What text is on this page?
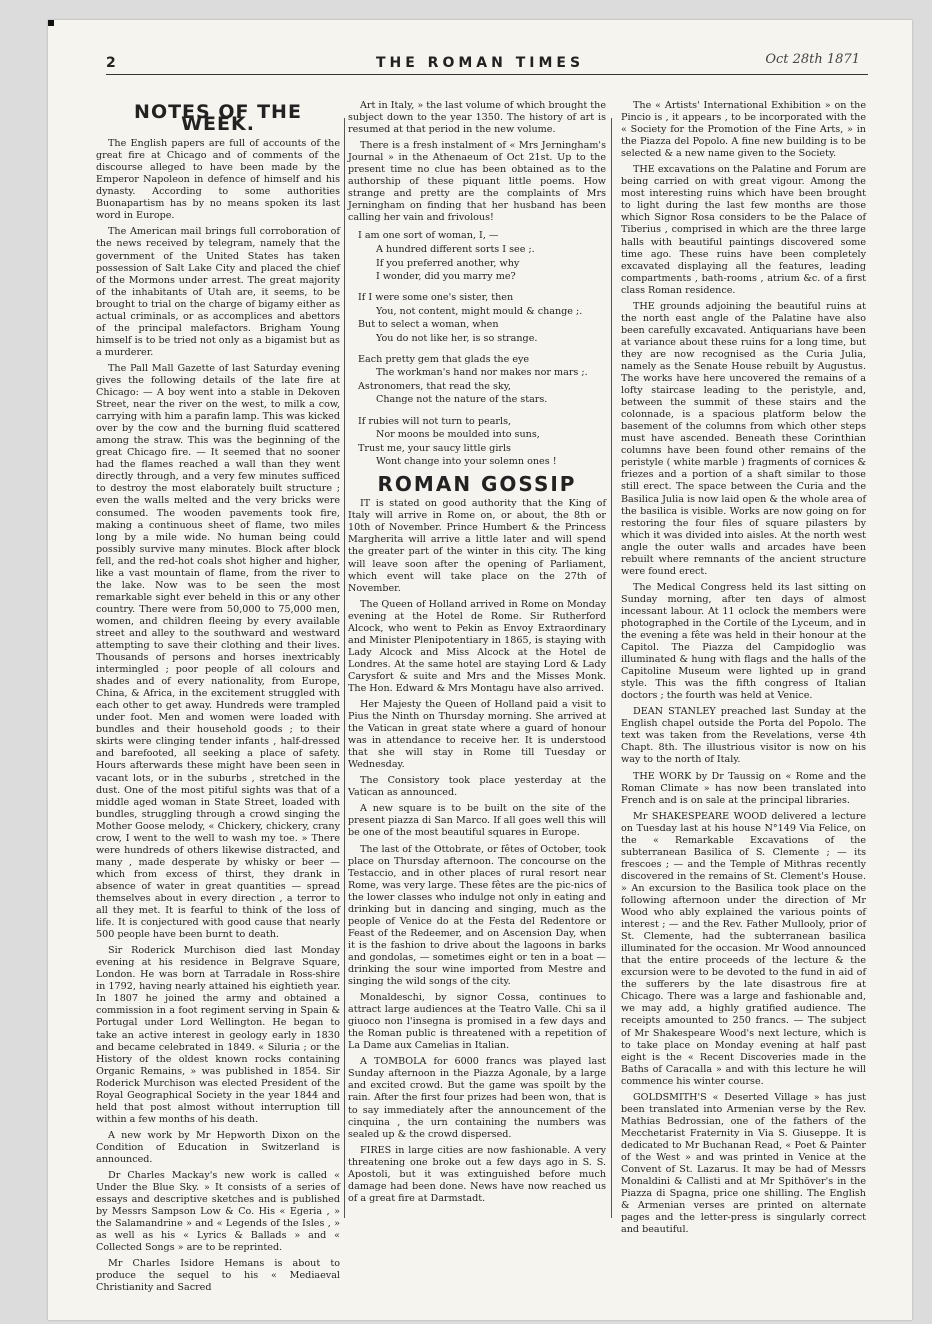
2	THE ROMAN TIMES	Oct 28th 1871
NOTES OF THE WEEK.

The English papers are full of accounts of the great fire at Chicago and of comments of the discourse alleged to have been made by the Emperor Napoleon in defence of himself and his dynasty. According to some authorities Buonapartism has by no means spoken its last word in Europe.

The American mail brings full corroboration of the news received by telegram, namely that the government of the United States has taken possession of Salt Lake City and placed the chief of the Mormons under arrest. The great majority of the inhabitants of Utah are, it seems, to be brought to trial on the charge of bigamy either as actual criminals, or as accomplices and abettors of the principal malefactors. Brigham Young himself is to be tried not only as a bigamist but as a murderer.

The Pall Mall Gazette of last Saturday evening gives the following details of the late fire at Chicago: — A boy went into a stable in Dekoven Street, near the river on the west, to milk a cow, carrying with him a parafin lamp. This was kicked over by the cow and the burning fluid scattered among the straw. This was the beginning of the great Chicago fire. — It seemed that no sooner had the flames reached a wall than they went directly through, and a very few minutes sufficed to destroy the most elaborately built structure ; even the walls melted and the very bricks were consumed. The wooden pavements took fire, making a continuous sheet of flame, two miles long by a mile wide. No human being could possibly survive many minutes. Block after block fell, and the red-hot coals shot higher and higher, like a vast mountain of flame, from the river to the lake. Now was to be seen the most remarkable sight ever beheld in this or any other country. There were from 50,000 to 75,000 men, women, and children fleeing by every available street and alley to the southward and westward attempting to save their clothing and their lives. Thousands of persons and horses inextricably intermingled ; poor people of all colours and shades and of every nationality, from Europe, China, & Africa, in the excitement struggled with each other to get away. Hundreds were trampled under foot. Men and women were loaded with bundles and their household goods ; to their skirts were clinging tender infants , half-dressed and barefooted, all seeking a place of safety. Hours afterwards these might have been seen in vacant lots, or in the suburbs , stretched in the dust. One of the most pitiful sights was that of a middle aged woman in State Street, loaded with bundles, struggling through a crowd singing the Mother Goose melody, « Chickery, chickery, crany crow, I went to the well to wash my toe. » There were hundreds of others likewise distracted, and many , made desperate by whisky or beer — which from excess of thirst, they drank in absence of water in great quantities — spread themselves about in every direction , a terror to all they met. It is fearful to think of the loss of life. It is conjectured with good cause that nearly 500 people have been burnt to death.

Sir Roderick Murchison died last Monday evening at his residence in Belgrave Square, London. He was born at Tarradale in Ross-shire in 1792, having nearly attained his eightieth year. In 1807 he joined the army and obtained a commission in a foot regiment serving in Spain & Portugal under Lord Wellington. He began to take an active interest in geology early in 1830 and became celebrated in 1849. « Siluria ; or the History of the oldest known rocks containing Organic Remains, » was published in 1854. Sir Roderick Murchison was elected President of the Royal Geographical Society in the year 1844 and held that post almost without interruption till within a few months of his death.

A new work by Mr Hepworth Dixon on the Condition of Education in Switzerland is announced.

Dr Charles Mackay's new work is called « Under the Blue Sky. » It consists of a series of essays and descriptive sketches and is published by Messrs Sampson Low & Co. His « Egeria , » the Salamandrine » and « Legends of the Isles , » as well as his « Lyrics & Ballads » and « Collected Songs » are to be reprinted.

Mr Charles Isidore Hemans is about to produce the sequel to his « Mediaeval Christianity and Sacred

Art in Italy, » the last volume of which brought the subject down to the year 1350. The history of art is resumed at that period in the new volume.

There is a fresh instalment of « Mrs Jerningham's Journal » in the Athenaeum of Oct 21st. Up to the present time no clue has been obtained as to the authorship of these piquant little poems. How strange and pretty are the complaints of Mrs Jerningham on finding that her husband has been calling her vain and frivolous!

I am one sort of woman, I, —
A hundred different sorts I see ;.
If you preferred another, why
I wonder, did you marry me?
If I were some one's sister, then
You, not content, might mould & change ;.
But to select a woman, when
You do not like her, is so strange.
Each pretty gem that glads the eye
The workman's hand nor makes nor mars ;.
Astronomers, that read the sky,
Change not the nature of the stars.
If rubies will not turn to pearls,
Nor moons be moulded into suns,
Trust me, your saucy little girls
Wont change into your solemn ones !
ROMAN GOSSIP

IT is stated on good authority that the King of Italy will arrive in Rome on, or about, the 8th or 10th of November. Prince Humbert & the Princess Margherita will arrive a little later and will spend the greater part of the winter in this city. The king will leave soon after the opening of Parliament, which event will take place on the 27th of November.

The Queen of Holland arrived in Rome on Monday evening at the Hotel de Rome. Sir Rutherford Alcock, who went to Pekin as Envoy Extraordinary and Minister Plenipotentiary in 1865, is staying with Lady Alcock and Miss Alcock at the Hotel de Londres. At the same hotel are staying Lord & Lady Carysfort & suite and Mrs and the Misses Monk. The Hon. Edward & Mrs Montagu have also arrived.

Her Majesty the Queen of Holland paid a visit to Pius the Ninth on Thursday morning. She arrived at the Vatican in great state where a guard of honour was in attendance to receive her. It is understood that she will stay in Rome till Tuesday or Wednesday.

The Consistory took place yesterday at the Vatican as announced.

A new square is to be built on the site of the present piazza di San Marco. If all goes well this will be one of the most beautiful squares in Europe.

The last of the Ottobrate, or fêtes of October, took place on Thursday afternoon. The concourse on the Testaccio, and in other places of rural resort near Rome, was very large. These fêtes are the pic-nics of the lower classes who indulge not only in eating and drinking but in dancing and singing, much as the people of Venice do at the Festa del Redentore or Feast of the Redeemer, and on Ascension Day, when it is the fashion to drive about the lagoons in barks and gondolas, — sometimes eight or ten in a boat — drinking the sour wine imported from Mestre and singing the wild songs of the city.

Monaldeschi, by signor Cossa, continues to attract large audiences at the Teatro Valle. Chi sa il giuoco non l'insegna is promised in a few days and the Roman public is threatened with a repetition of La Dame aux Camelias in Italian.

A TOMBOLA for 6000 francs was played last Sunday afternoon in the Piazza Agonale, by a large and excited crowd. But the game was spoilt by the rain. After the first four prizes had been won, that is to say immediately after the announcement of the cinquina , the urn containing the numbers was sealed up & the crowd dispersed.

FIRES in large cities are now fashionable. A very threatening one broke out a few days ago in S. S. Apostoli, but it was extinguished before much damage had been done. News have now reached us of a great fire at Darmstadt.

The « Artists' International Exhibition » on the Pincio is , it appears , to be incorporated with the « Society for the Promotion of the Fine Arts, » in the Piazza del Popolo. A fine new building is to be selected & a new name given to the Society.

THE excavations on the Palatine and Forum are being carried on with great vigour. Among the most interesting ruins which have been brought to light during the last few months are those which Signor Rosa considers to be the Palace of Tiberius , comprised in which are the three large halls with beautiful paintings discovered some time ago. These ruins have been completely excavated displaying all the features, leading compartments , bath-rooms , atrium &c. of a first class Roman residence.

THE grounds adjoining the beautiful ruins at the north east angle of the Palatine have also been carefully excavated. Antiquarians have been at variance about these ruins for a long time, but they are now recognised as the Curia Julia, namely as the Senate House rebuilt by Augustus. The works have here uncovered the remains of a lofty staircase leading to the peristyle, and, between the summit of these stairs and the colonnade, is a spacious platform below the basement of the columns from which other steps must have ascended. Beneath these Corinthian columns have been found other remains of the peristyle ( white marble ) fragments of cornices & friezes and a portion of a shaft similar to those still erect. The space between the Curia and the Basilica Julia is now laid open & the whole area of the basilica is visible. Works are now going on for restoring the four files of square pilasters by which it was divided into aisles. At the north west angle the outer walls and arcades have been rebuilt where remnants of the ancient structure were found erect.

The Medical Congress held its last sitting on Sunday morning, after ten days of almost incessant labour. At 11 oclock the members were photographed in the Cortile of the Lyceum, and in the evening a fête was held in their honour at the Capitol. The Piazza del Campidoglio was illuminated & hung with flags and the halls of the Capitoline Museum were lighted up in grand style. This was the fifth congress of Italian doctors ; the fourth was held at Venice.

DEAN STANLEY preached last Sunday at the English chapel outside the Porta del Popolo. The text was taken from the Revelations, verse 4th Chapt. 8th. The illustrious visitor is now on his way to the north of Italy.

THE WORK by Dr Taussig on « Rome and the Roman Climate » has now been translated into French and is on sale at the principal libraries.

Mr SHAKESPEARE WOOD delivered a lecture on Tuesday last at his house N°149 Via Felice, on the « Remarkable Excavations of the subterranean Basilica of S. Clemente ; — its frescoes ; — and the Temple of Mithras recently discovered in the remains of St. Clement's House. » An excursion to the Basilica took place on the following afternoon under the direction of Mr Wood who ably explained the various points of interest ; — and the Rev. Father Mullooly, prior of St. Clemente, had the subterranean basilica illuminated for the occasion. Mr Wood announced that the entire proceeds of the lecture & the excursion were to be devoted to the fund in aid of the sufferers by the late disastrous fire at Chicago. There was a large and fashionable and, we may add, a highly gratified audience. The receipts amounted to 250 francs. — The subject of Mr Shakespeare Wood's next lecture, which is to take place on Monday evening at half past eight is the « Recent Discoveries made in the Baths of Caracalla » and with this lecture he will commence his winter course.

GOLDSMITH'S « Deserted Village » has just been translated into Armenian verse by the Rev. Mathias Bedrossian, one of the fathers of the Mecchetarist Fraternity in Via S. Giuseppe. It is dedicated to Mr Buchanan Read, « Poet & Painter of the West » and was printed in Venice at the Convent of St. Lazarus. It may be had of Messrs Monaldini & Callisti and at Mr Spithöver's in the Piazza di Spagna, price one shilling. The English & Armenian verses are printed on alternate pages and the letter-press is singularly correct and beautiful.
